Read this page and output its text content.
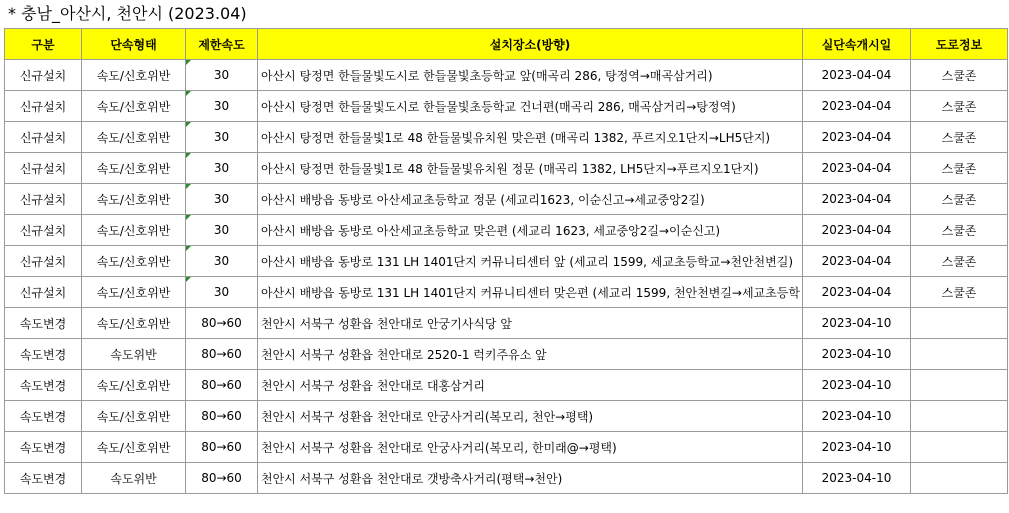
* 충남_아산시, 천안시 (2023.04)
구분	단속형태	제한속도	설치장소(방향)	실단속개시일	도로정보
신규설치	속도/신호위반	30	아산시 탕정면 한들물빛도시로 한들물빛초등학교 앞(매곡리 286, 탕정역→매곡삼거리)	2023-04-04	스쿨존
신규설치	속도/신호위반	30	아산시 탕정면 한들물빛도시로 한들물빛초등학교 건너편(매곡리 286, 매곡삼거리→탕정역)	2023-04-04	스쿨존
신규설치	속도/신호위반	30	아산시 탕정면 한들물빛1로 48 한들물빛유치원 맞은편 (매곡리 1382, 푸르지오1단지→LH5단지)	2023-04-04	스쿨존
신규설치	속도/신호위반	30	아산시 탕정면 한들물빛1로 48 한들물빛유치원 정문 (매곡리 1382, LH5단지→푸르지오1단지)	2023-04-04	스쿨존
신규설치	속도/신호위반	30	아산시 배방읍 동방로 아산세교초등학교 정문 (세교리1623, 이순신고→세교중앙2길)	2023-04-04	스쿨존
신규설치	속도/신호위반	30	아산시 배방읍 동방로 아산세교초등학교 맞은편 (세교리 1623, 세교중앙2길→이순신고)	2023-04-04	스쿨존
신규설치	속도/신호위반	30	아산시 배방읍 동방로 131 LH 1401단지 커뮤니티센터 앞 (세교리 1599, 세교초등학교→천안천변길)	2023-04-04	스쿨존
신규설치	속도/신호위반	30	아산시 배방읍 동방로 131 LH 1401단지 커뮤니티센터 맞은편 (세교리 1599, 천안천변길→세교초등학	2023-04-04	스쿨존
속도변경	속도/신호위반	80→60	천안시 서북구 성환읍 천안대로 안궁기사식당 앞	2023-04-10	
속도변경	속도위반	80→60	천안시 서북구 성환읍 천안대로 2520-1 럭키주유소 앞	2023-04-10	
속도변경	속도/신호위반	80→60	천안시 서북구 성환읍 천안대로 대홍삼거리	2023-04-10	
속도변경	속도/신호위반	80→60	천안시 서북구 성환읍 천안대로 안궁사거리(복모리, 천안→평택)	2023-04-10	
속도변경	속도/신호위반	80→60	천안시 서북구 성환읍 천안대로 안궁사거리(복모리, 한미래@→평택)	2023-04-10	
속도변경	속도위반	80→60	천안시 서북구 성환읍 천안대로 갯방축사거리(평택→천안)	2023-04-10	
